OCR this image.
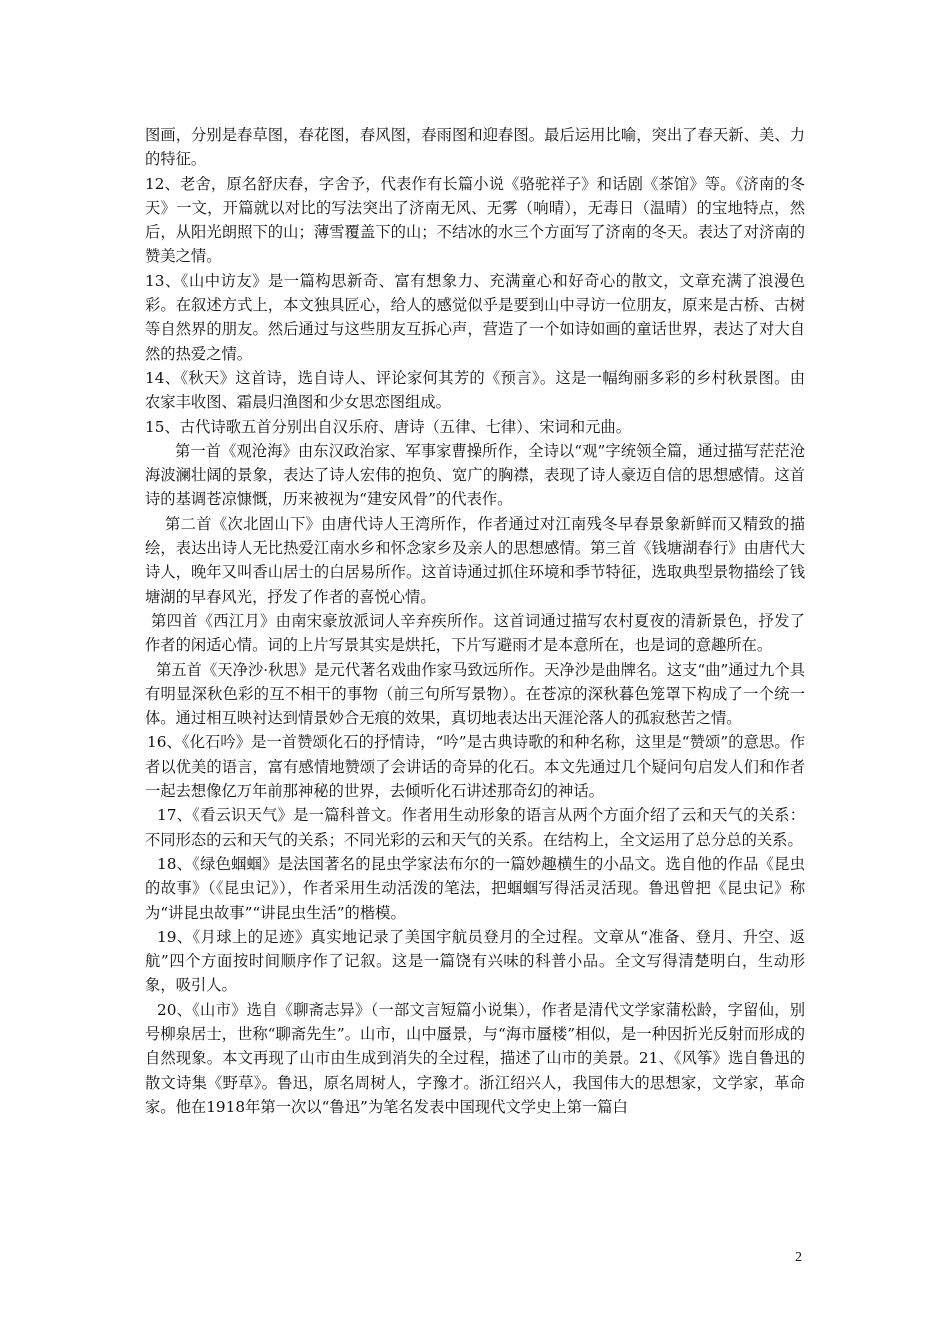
图画，分别是春草图，春花图，春风图，春雨图和迎春图。最后运用比喻，突出了春天新、美、力的特征。

12、老舍，原名舒庆春，字舍予，代表作有长篇小说《骆驼祥子》和话剧《茶馆》等。《济南的冬天》一文，开篇就以对比的写法突出了济南无风、无雾（响晴），无毒日（温晴）的宝地特点，然后，从阳光朗照下的山；薄雪覆盖下的山；不结冰的水三个方面写了济南的冬天。表达了对济南的赞美之情。

13、《山中访友》是一篇构思新奇、富有想象力、充满童心和好奇心的散文，文章充满了浪漫色彩。在叙述方式上，本文独具匠心，给人的感觉似乎是要到山中寻访一位朋友，原来是古桥、古树等自然界的朋友。然后通过与这些朋友互拆心声，营造了一个如诗如画的童话世界，表达了对大自然的热爱之情。

14、《秋天》这首诗，选自诗人、评论家何其芳的《预言》。这是一幅绚丽多彩的乡村秋景图。由农家丰收图、霜晨归渔图和少女思恋图组成。

15、古代诗歌五首分别出自汉乐府、唐诗（五律、七律）、宋词和元曲。

第一首《观沧海》由东汉政治家、军事家曹操所作，全诗以“观”字统领全篇，通过描写茫茫沧海波澜壮阔的景象，表达了诗人宏伟的抱负、宽广的胸襟，表现了诗人豪迈自信的思想感情。这首诗的基调苍凉慷慨，历来被视为“建安风骨”的代表作。

第二首《次北固山下》由唐代诗人王湾所作，作者通过对江南残冬早春景象新鲜而又精致的描绘，表达出诗人无比热爱江南水乡和怀念家乡及亲人的思想感情。第三首《钱塘湖春行》由唐代大诗人，晚年又叫香山居士的白居易所作。这首诗通过抓住环境和季节特征，选取典型景物描绘了钱塘湖的早春风光，抒发了作者的喜悦心情。

第四首《西江月》由南宋豪放派词人辛弃疾所作。这首词通过描写农村夏夜的清新景色，抒发了作者的闲适心情。词的上片写景其实是烘托，下片写避雨才是本意所在，也是词的意趣所在。

第五首《天净沙·秋思》是元代著名戏曲作家马致远所作。天净沙是曲牌名。这支“曲”通过九个具有明显深秋色彩的互不相干的事物（前三句所写景物）。在苍凉的深秋暮色笼罩下构成了一个统一体。通过相互映衬达到情景妙合无痕的效果，真切地表达出天涯沦落人的孤寂愁苦之情。

16、《化石吟》是一首赞颂化石的抒情诗，“吟”是古典诗歌的和种名称，这里是“赞颂”的意思。作者以优美的语言，富有感情地赞颂了会讲话的奇异的化石。本文先通过几个疑问句启发人们和作者一起去想像亿万年前那神秘的世界，去倾听化石讲述那奇幻的神话。

17、《看云识天气》是一篇科普文。作者用生动形象的语言从两个方面介绍了云和天气的关系：不同形态的云和天气的关系；不同光彩的云和天气的关系。在结构上，全文运用了总分总的关系。

18、《绿色蝈蝈》是法国著名的昆虫学家法布尔的一篇妙趣横生的小品文。选自他的作品《昆虫的故事》（《昆虫记》），作者采用生动活泼的笔法，把蝈蝈写得活灵活现。鲁迅曾把《昆虫记》称为“讲昆虫故事”“讲昆虫生活”的楷模。

19、《月球上的足迹》真实地记录了美国宇航员登月的全过程。文章从“准备、登月、升空、返航”四个方面按时间顺序作了记叙。这是一篇饶有兴味的科普小品。全文写得清楚明白，生动形象，吸引人。

20、《山市》选自《聊斋志异》（一部文言短篇小说集），作者是清代文学家蒲松龄，字留仙，别号柳泉居士，世称“聊斋先生”。山市，山中蜃景，与“海市蜃楼”相似，是一种因折光反射而形成的自然现象。本文再现了山市由生成到消失的全过程，描述了山市的美景。21、《风筝》选自鲁迅的散文诗集《野草》。鲁迅，原名周树人，字豫才。浙江绍兴人，我国伟大的思想家，文学家，革命家。他在1918年第一次以“鲁迅”为笔名发表中国现代文学史上第一篇白

2
